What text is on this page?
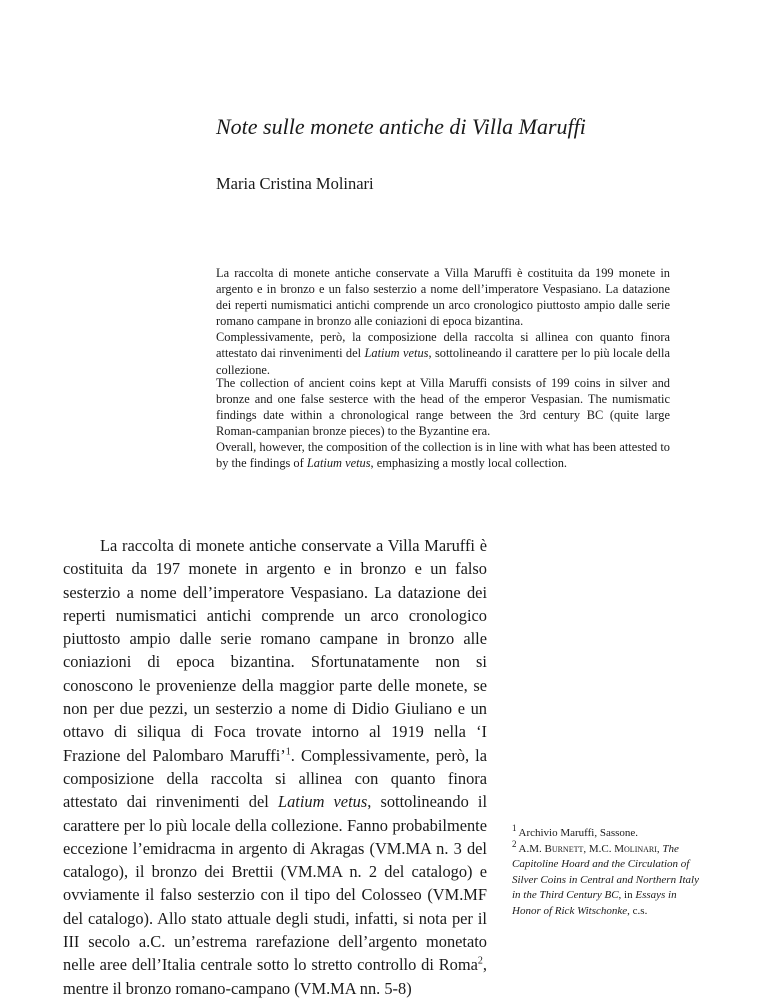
Note sulle monete antiche di Villa Maruffi
Maria Cristina Molinari

La raccolta di monete antiche conservate a Villa Maruffi è costituita da 199 monete in argento e in bronzo e un falso sesterzio a nome dell’imperatore Vespasiano. La datazione dei reperti numismatici antichi comprende un arco cronologico piuttosto ampio dalle serie romano campane in bronzo alle coniazioni di epoca bizantina.

Complessivamente, però, la composizione della raccolta si allinea con quanto finora attestato dai rinvenimenti del Latium vetus, sottolineando il carattere per lo più locale della collezione.

The collection of ancient coins kept at Villa Maruffi consists of 199 coins in silver and bronze and one false sesterce with the head of the emperor Vespasian. The numismatic findings date within a chronological range between the 3rd century BC (quite large Roman-campanian bronze pieces) to the Byzantine era.

Overall, however, the composition of the collection is in line with what has been attested to by the findings of Latium vetus, emphasizing a mostly local collection.

La raccolta di monete antiche conservate a Villa Maruffi è costituita da 197 monete in argento e in bronzo e un falso sesterzio a nome dell’imperatore Vespasiano. La datazione dei reperti numismatici antichi comprende un arco cronologico piuttosto ampio dalle serie romano campane in bronzo alle coniazioni di epoca bizantina. Sfortunatamente non si conoscono le provenienze della maggior parte delle monete, se non per due pezzi, un sesterzio a nome di Didio Giuliano e un ottavo di siliqua di Foca trovate intorno al 1919 nella ‘I Frazione del Palombaro Maruffi’$^1$. Complessivamente, però, la composizione della raccolta si allinea con quanto finora attestato dai rinvenimenti del Latium vetus, sottolineando il carattere per lo più locale della collezione. Fanno probabilmente eccezione l’emidracma in argento di Akragas (VM.MA n. 3 del catalogo), il bronzo dei Brettii (VM.MA n. 2 del catalogo) e ovviamente il falso sesterzio con il tipo del Colosseo (VM.MF del catalogo). Allo stato attuale degli studi, infatti, si nota per il III secolo a.C. un’estrema rarefazione dell’argento monetato nelle aree dell’Italia centrale sotto lo stretto controllo di Roma$^2$, mentre il bronzo romano-campano (VM.MA nn. 5-8)

$^1$ Archivio Maruffi, Sassone.

$^2$ A.M. Burnett, M.C. Molinari, The Capitoline Hoard and the Circulation of Silver Coins in Central and Northern Italy in the Third Century BC, in Essays in Honor of Rick Witschonke, c.s.
